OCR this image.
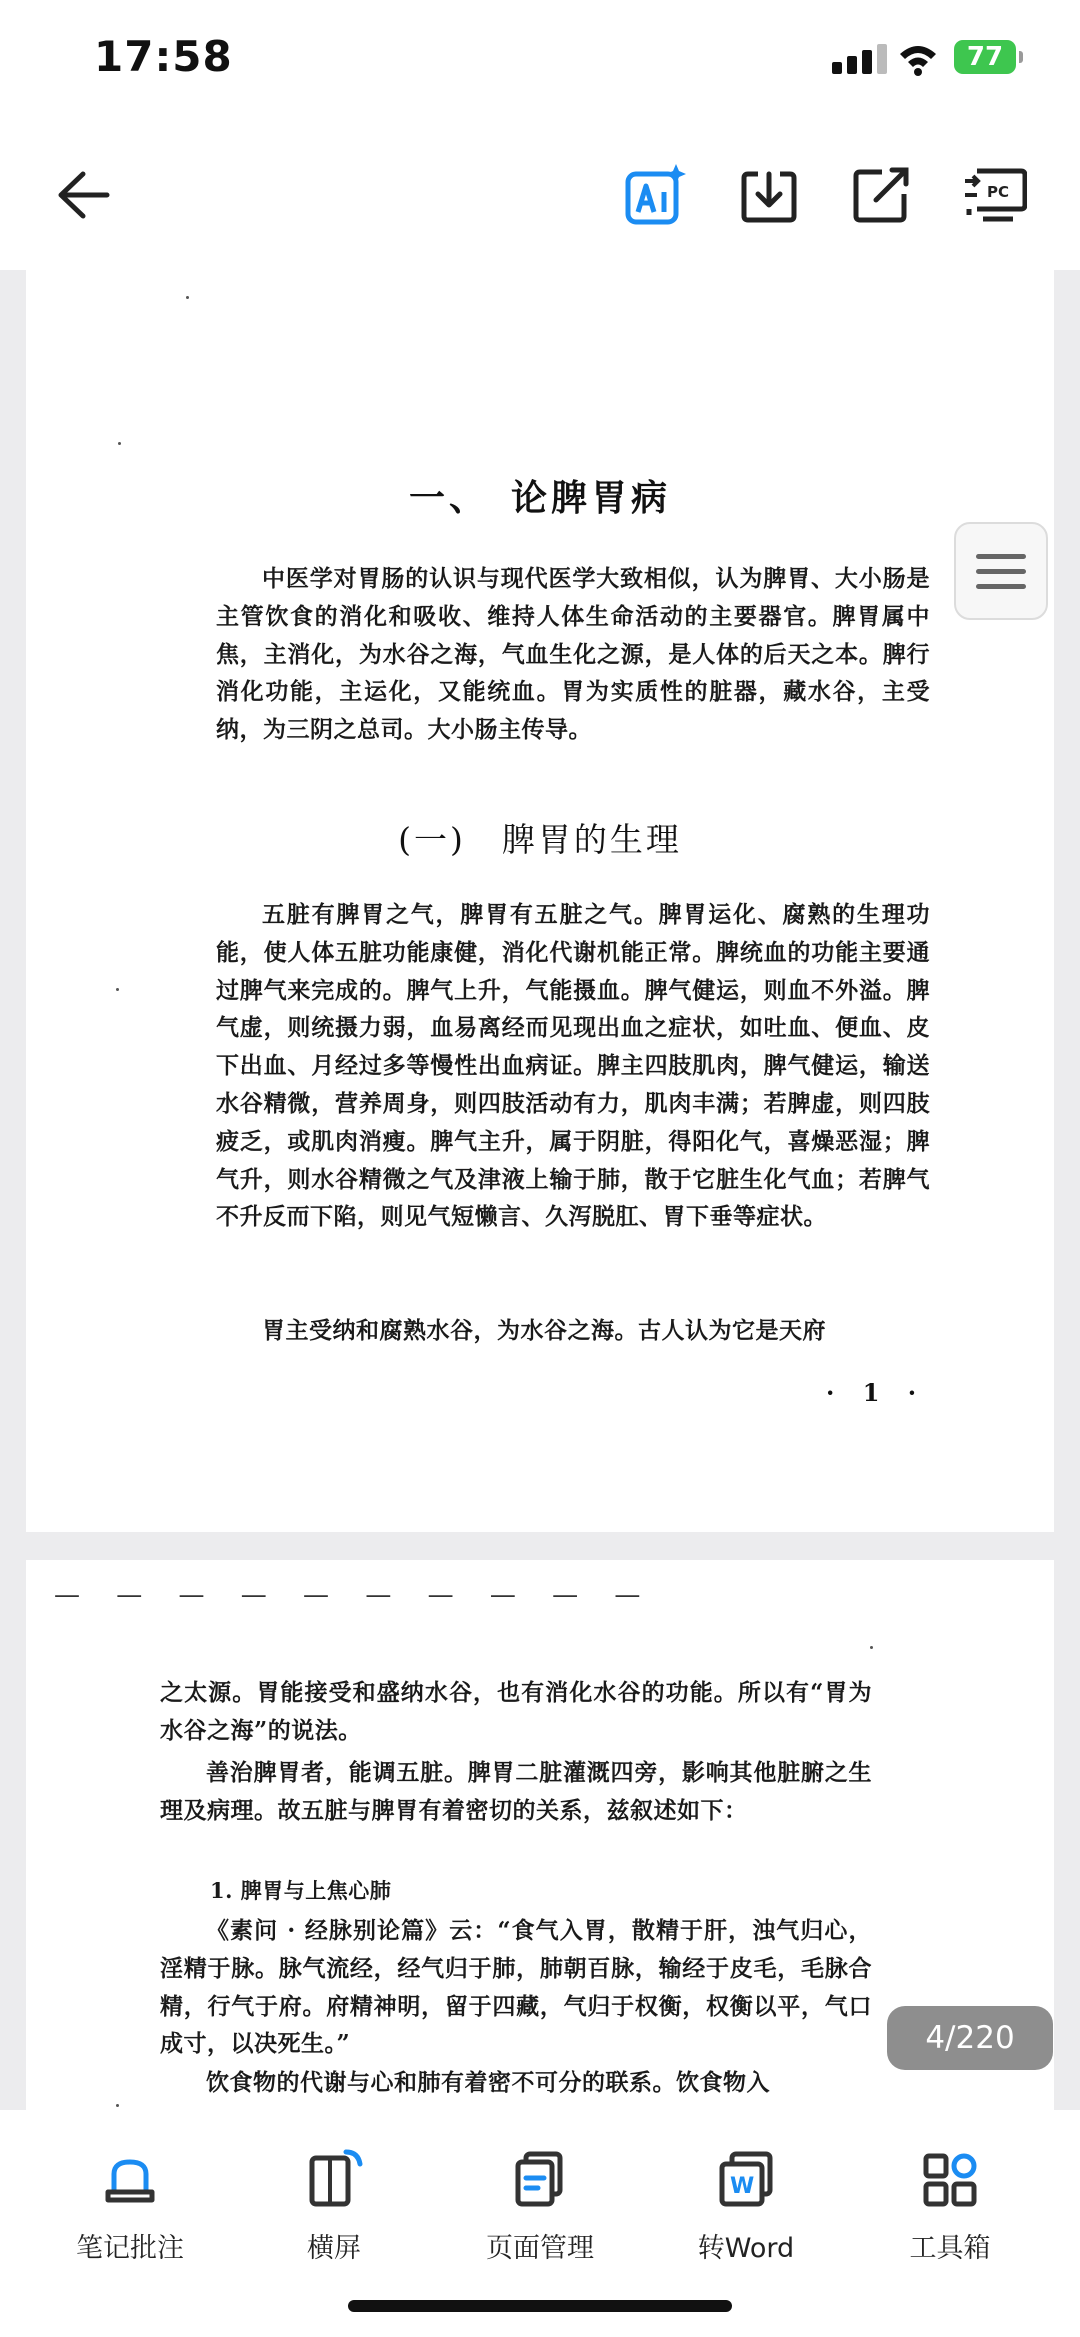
17:58	77
PC
一、　论脾胃病
中医学对胃肠的认识与现代医学大致相似，认为脾胃、大小肠是主管饮食的消化和吸收、维持人体生命活动的主要器官。脾胃属中焦，主消化，为水谷之海，气血生化之源，是人体的后天之本。脾行消化功能，主运化，又能统血。胃为实质性的脏器，藏水谷，主受纳，为三阴之总司。大小肠主传导。
(一)　脾胃的生理
五脏有脾胃之气，脾胃有五脏之气。脾胃运化、腐熟的生理功能，使人体五脏功能康健，消化代谢机能正常。脾统血的功能主要通过脾气来完成的。脾气上升，气能摄血。脾气健运，则血不外溢。脾气虚，则统摄力弱，血易离经而见现出血之症状，如吐血、便血、皮下出血、月经过多等慢性出血病证。脾主四肢肌肉，脾气健运，输送水谷精微，营养周身，则四肢活动有力，肌肉丰满；若脾虚，则四肢疲乏，或肌肉消瘦。脾气主升，属于阴脏，得阳化气，喜燥恶湿；脾气升，则水谷精微之气及津液上输于肺，散于它脏生化气血；若脾气不升反而下陷，则见气短懒言、久泻脱肛、胃下垂等症状。
胃主受纳和腐熟水谷，为水谷之海。古人认为它是天府
· 1 ·
— — — — — — — — — —
之太源。胃能接受和盛纳水谷，也有消化水谷的功能。所以有“胃为水谷之海”的说法。
善治脾胃者，能调五脏。脾胃二脏灌溉四旁，影响其他脏腑之生理及病理。故五脏与脾胃有着密切的关系，兹叙述如下：
1. 脾胃与上焦心肺
《素问 · 经脉别论篇》云：“食气入胃，散精于肝，浊气归心，淫精于脉。脉气流经，经气归于肺，肺朝百脉，输经于皮毛，毛脉合精，行气于府。府精神明，留于四藏，气归于权衡，权衡以平，气口成寸，以决死生。”
饮食物的代谢与心和肺有着密不可分的联系。饮食物入
4/220
笔记批注	横屏	页面管理
W
转Word	工具箱
